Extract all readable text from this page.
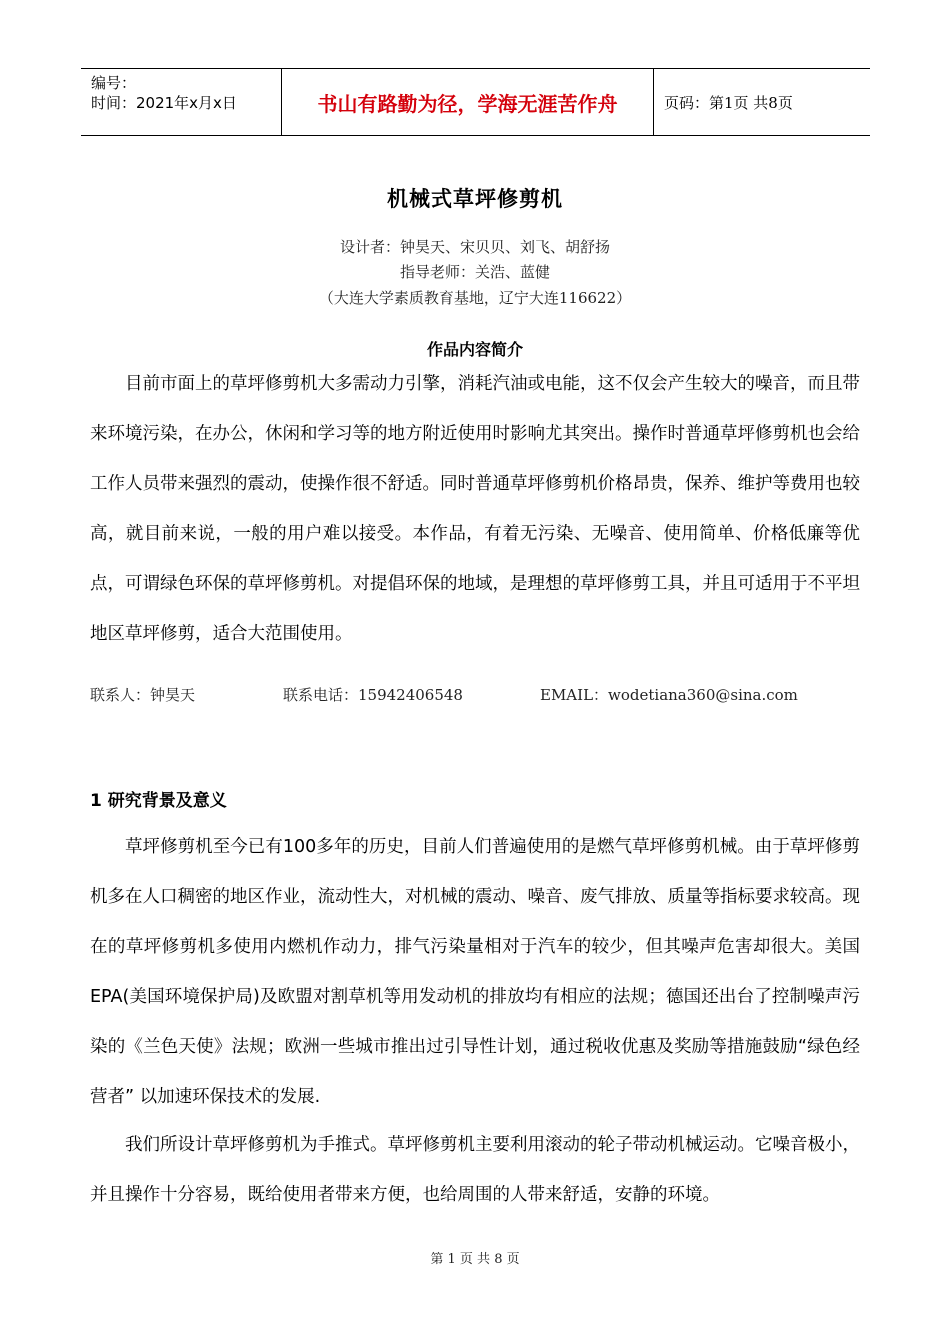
编号：
时间：2021年x月x日	书山有路勤为径，学海无涯苦作舟	页码：第1页 共8页
机械式草坪修剪机
设计者：钟昊天、宋贝贝、刘飞、胡舒扬
指导老师：关浩、蓝健
（大连大学素质教育基地，辽宁大连116622）
作品内容简介
目前市面上的草坪修剪机大多需动力引擎，消耗汽油或电能，这不仅会产生较大的噪音，而且带来环境污染，在办公，休闲和学习等的地方附近使用时影响尤其突出。操作时普通草坪修剪机也会给工作人员带来强烈的震动，使操作很不舒适。同时普通草坪修剪机价格昂贵，保养、维护等费用也较高，就目前来说，一般的用户难以接受。本作品，有着无污染、无噪音、使用简单、价格低廉等优点，可谓绿色环保的草坪修剪机。对提倡环保的地域，是理想的草坪修剪工具，并且可适用于不平坦地区草坪修剪，适合大范围使用。
联系人：钟昊天	联系电话：15942406548	EMAIL：wodetiana360@sina.com
1 研究背景及意义
草坪修剪机至今已有100多年的历史，目前人们普遍使用的是燃气草坪修剪机械。由于草坪修剪机多在人口稠密的地区作业，流动性大，对机械的震动、噪音、废气排放、质量等指标要求较高。现在的草坪修剪机多使用内燃机作动力，排气污染量相对于汽车的较少，但其噪声危害却很大。美国EPA(美国环境保护局)及欧盟对割草机等用发动机的排放均有相应的法规；德国还出台了控制噪声污染的《兰色天使》法规；欧洲一些城市推出过引导性计划，通过税收优惠及奖励等措施鼓励“绿色经营者” 以加速环保技术的发展.
我们所设计草坪修剪机为手推式。草坪修剪机主要利用滚动的轮子带动机械运动。它噪音极小，并且操作十分容易，既给使用者带来方便，也给周围的人带来舒适，安静的环境。
第 1 页 共 8 页
